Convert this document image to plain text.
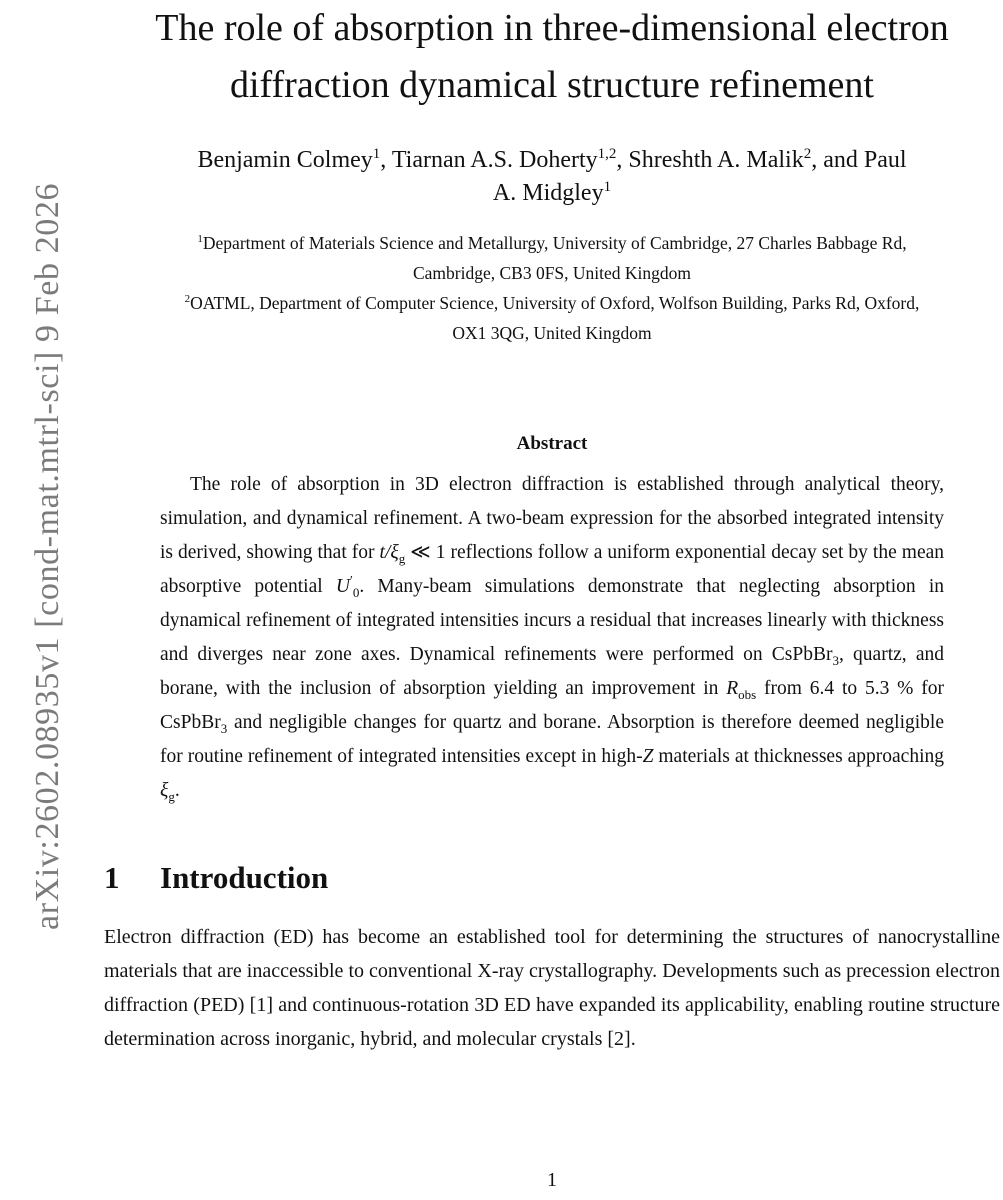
arXiv:2602.08935v1 [cond-mat.mtrl-sci] 9 Feb 2026
The role of absorption in three-dimensional electron
diffraction dynamical structure refinement
Benjamin Colmey$^1$, Tiarnan A.S. Doherty$^{1,2}$, Shreshth A. Malik$^2$, and Paul
A. Midgley$^1$
$^1$Department of Materials Science and Metallurgy, University of Cambridge, 27 Charles Babbage Rd,
Cambridge, CB3 0FS, United Kingdom
$^2$OATML, Department of Computer Science, University of Oxford, Wolfson Building, Parks Rd, Oxford,
OX1 3QG, United Kingdom
Abstract

The role of absorption in 3D electron diffraction is established through analytical theory, simulation, and dynamical refinement. A two-beam expression for the absorbed integrated intensity is derived, showing that for $t/\xi_g$ ≪ 1 reflections follow a uniform exponential decay set by the mean absorptive potential $U'_0$. Many-beam simulations demonstrate that neglecting absorption in dynamical refinement of integrated intensities incurs a residual that increases linearly with thickness and diverges near zone axes. Dynamical refinements were performed on CsPbBr$_3$, quartz, and borane, with the inclusion of absorption yielding an improvement in $R_{obs}$ from 6.4 to 5.3 % for CsPbBr$_3$ and negligible changes for quartz and borane. Absorption is therefore deemed negligible for routine refinement of integrated intensities except in high-Z materials at thicknesses approaching $\xi_g$.

1	Introduction

Electron diffraction (ED) has become an established tool for determining the structures of nanocrystalline materials that are inaccessible to conventional X-ray crystallography. Developments such as precession electron diffraction (PED) [1] and continuous-rotation 3D ED have expanded its applicability, enabling routine structure determination across inorganic, hybrid, and molecular crystals [2].

1
